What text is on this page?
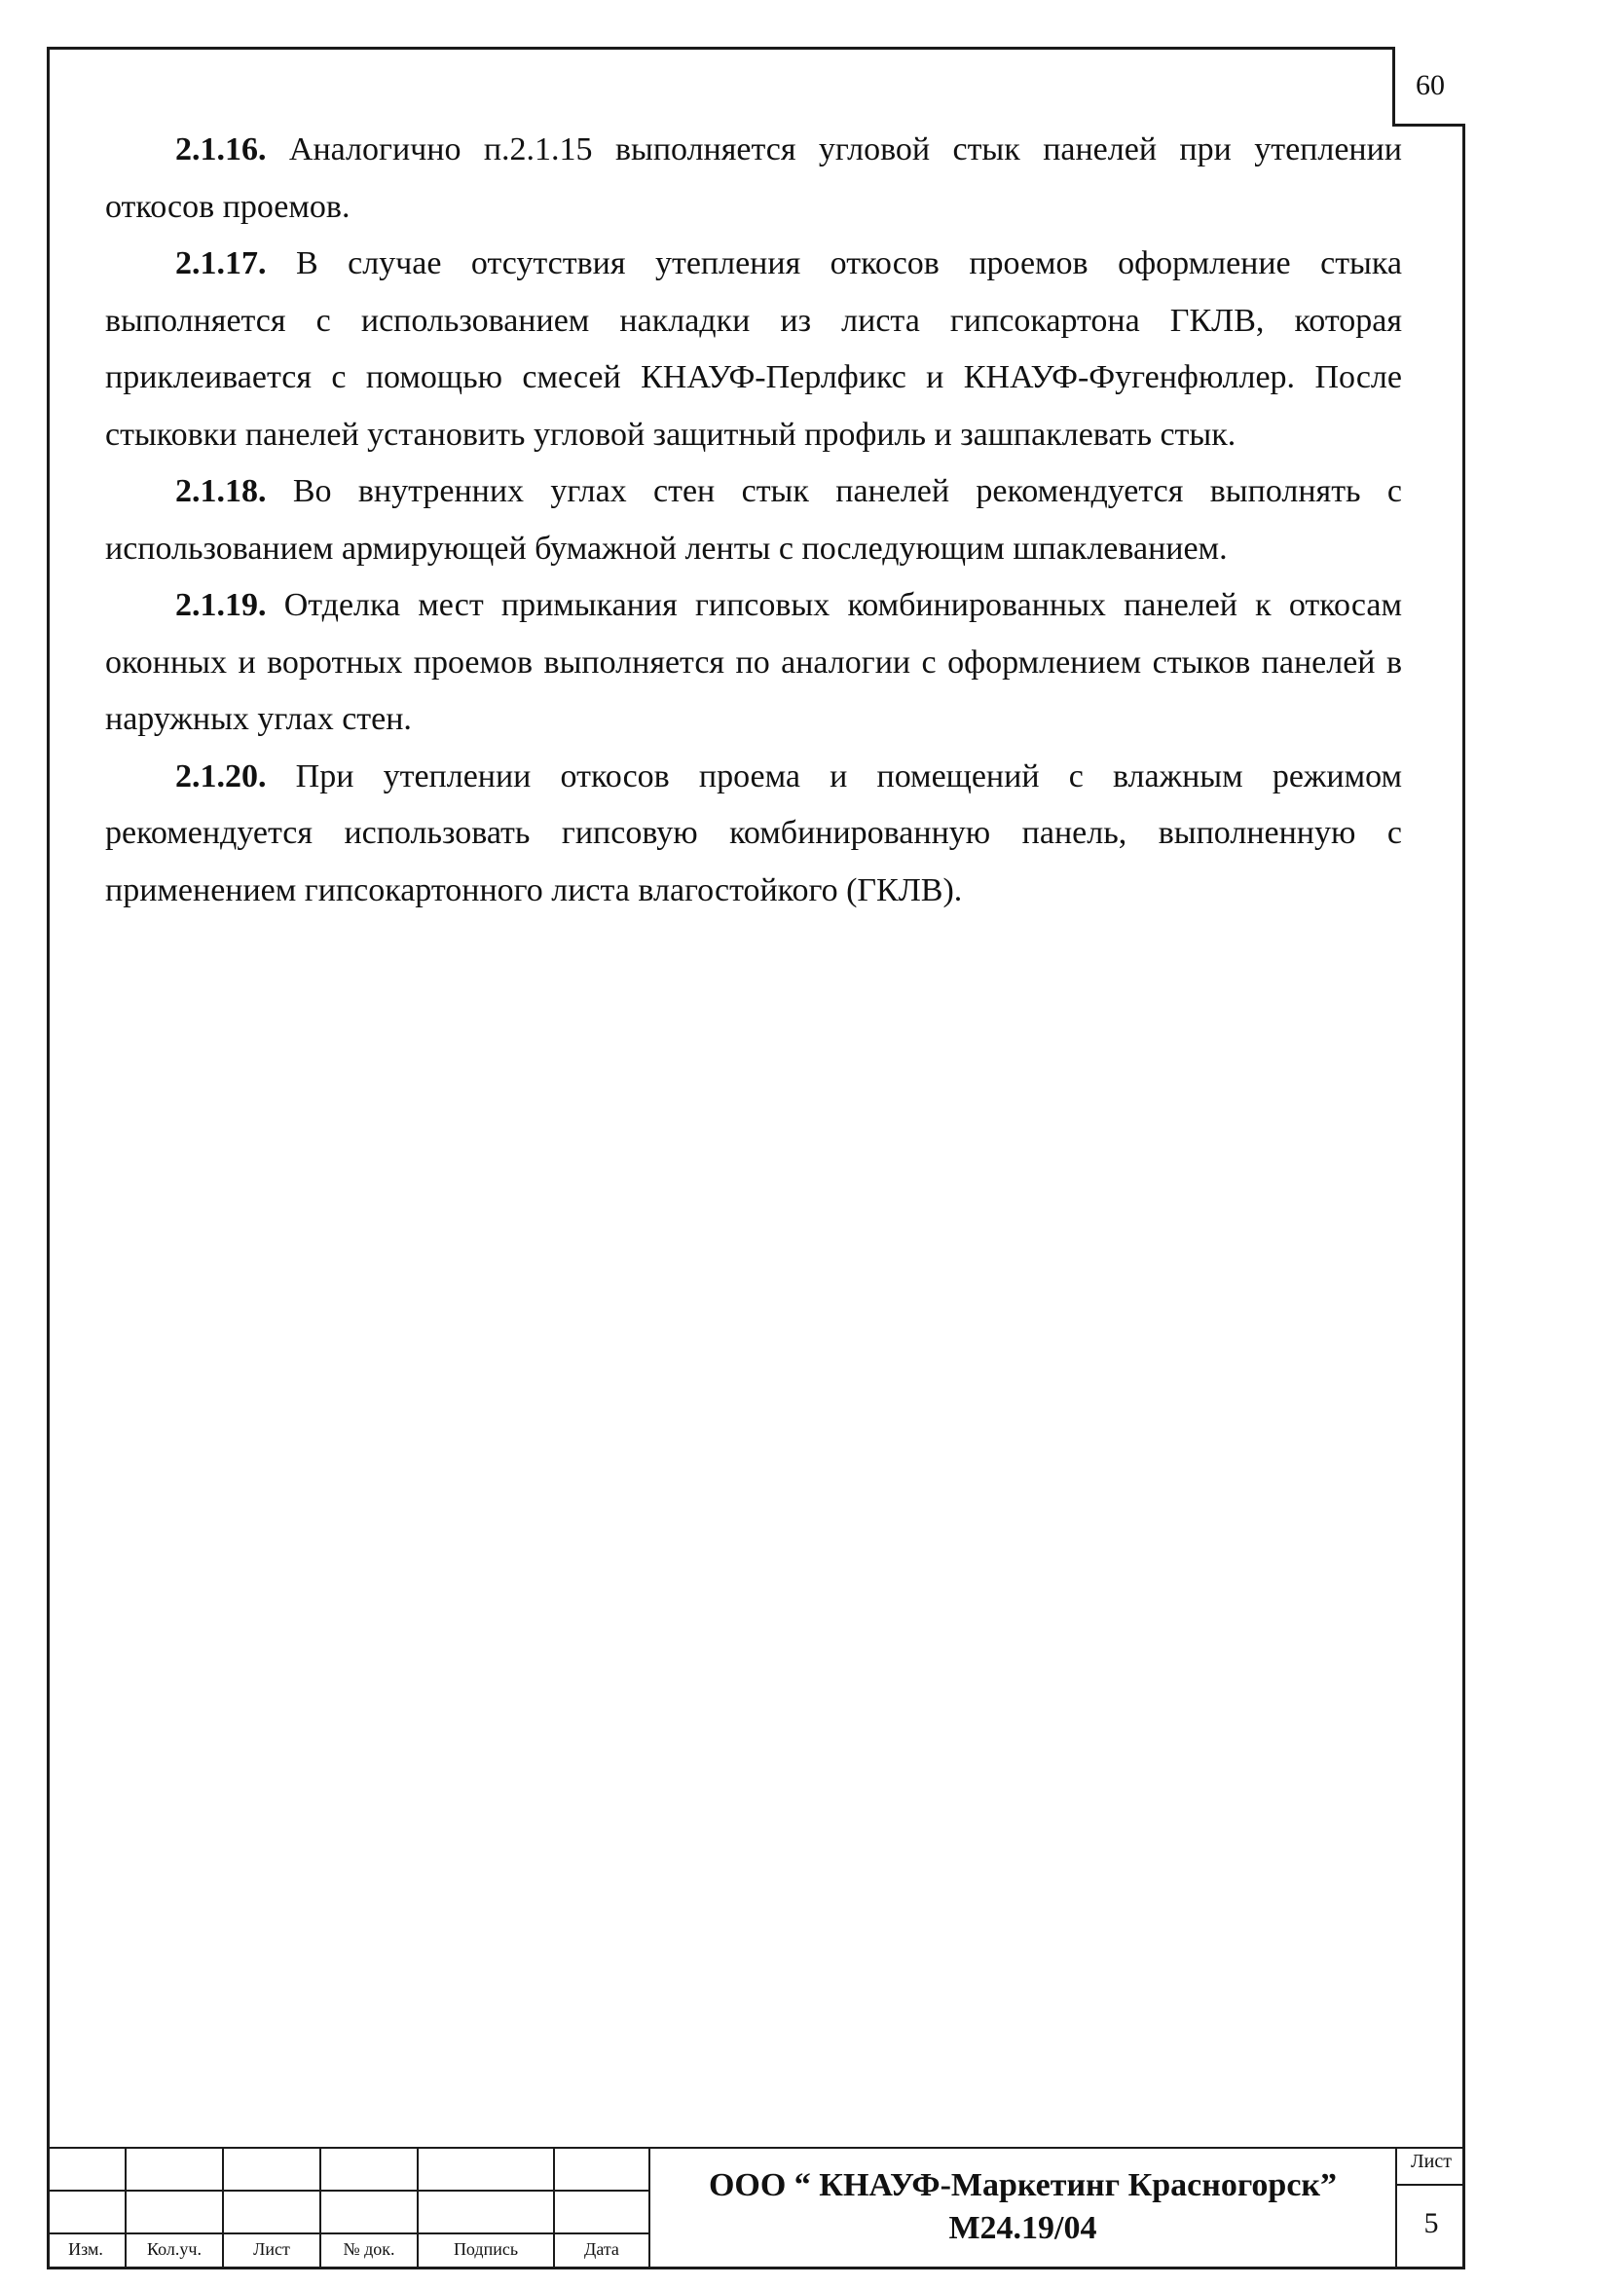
60

2.1.16. Аналогично п.2.1.15 выполняется угловой стык панелей при утеплении откосов проемов.

2.1.17. В случае отсутствия утепления откосов проемов оформление стыка выполняется с использованием накладки из листа гипсокартона ГКЛВ, которая приклеивается с помощью смесей КНАУФ-Перлфикс и КНАУФ-Фугенфюллер. После стыковки панелей установить угловой защитный профиль и зашпаклевать стык.

2.1.18. Во внутренних углах стен стык панелей рекомендуется выполнять с использованием армирующей бумажной ленты с последующим шпаклеванием.

2.1.19. Отделка мест примыкания гипсовых комбинированных панелей к откосам оконных и воротных проемов выполняется по аналогии с оформлением стыков панелей в наружных углах стен.

2.1.20. При утеплении откосов проема и помещений с влажным режимом рекомендуется использовать гипсовую комбинированную панель, выполненную с применением гипсокартонного листа влагостойкого (ГКЛВ).

Изм.	Кол.уч.	Лист	№ док.	Подпись	Дата
ООО “ КНАУФ-Маркетинг Красногорск”
М24.19/04
Лист
5
